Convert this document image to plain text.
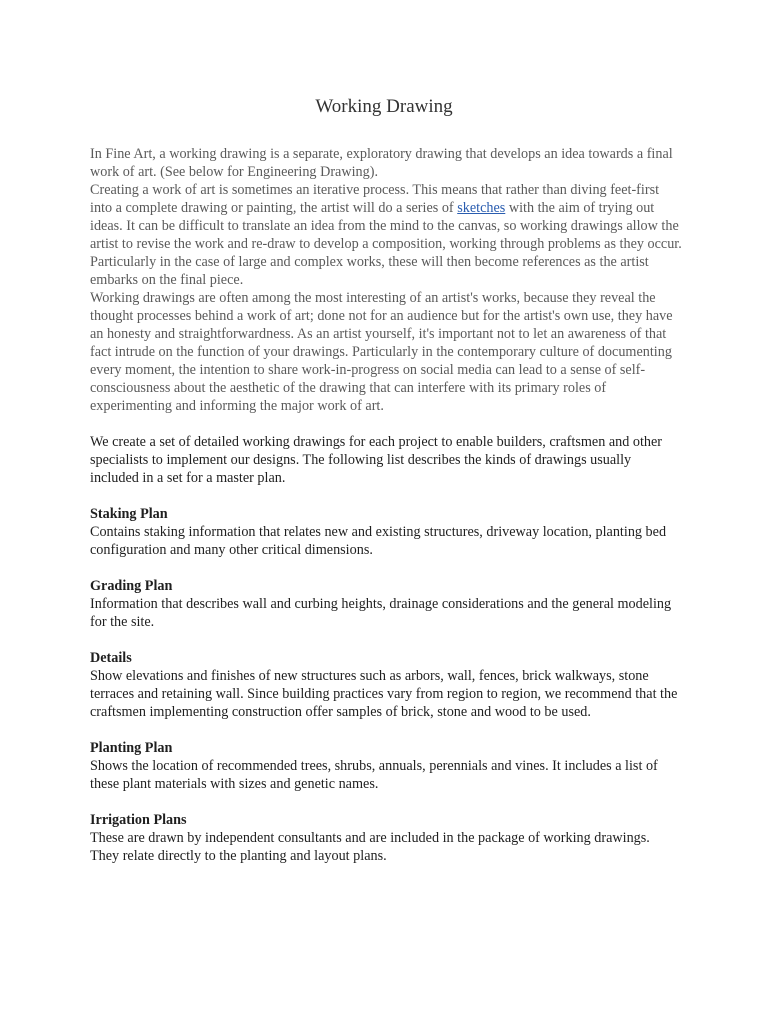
Working Drawing

In Fine Art, a working drawing is a separate, exploratory drawing that develops an idea towards a final work of art. (See below for Engineering Drawing).

Creating a work of art is sometimes an iterative process. This means that rather than diving feet-first into a complete drawing or painting, the artist will do a series of sketches with the aim of trying out ideas. It can be difficult to translate an idea from the mind to the canvas, so working drawings allow the artist to revise the work and re-draw to develop a composition, working through problems as they occur. Particularly in the case of large and complex works, these will then become references as the artist embarks on the final piece.

Working drawings are often among the most interesting of an artist's works, because they reveal the thought processes behind a work of art; done not for an audience but for the artist's own use, they have an honesty and straightforwardness. As an artist yourself, it's important not to let an awareness of that fact intrude on the function of your drawings. Particularly in the contemporary culture of documenting every moment, the intention to share work-in-progress on social media can lead to a sense of self-consciousness about the aesthetic of the drawing that can interfere with its primary roles of experimenting and informing the major work of art.

We create a set of detailed working drawings for each project to enable builders, craftsmen and other specialists to implement our designs. The following list describes the kinds of drawings usually included in a set for a master plan.

Staking Plan

Contains staking information that relates new and existing structures, driveway location, planting bed configuration and many other critical dimensions.

Grading Plan

Information that describes wall and curbing heights, drainage considerations and the general modeling for the site.

Details

Show elevations and finishes of new structures such as arbors, wall, fences, brick walkways, stone terraces and retaining wall. Since building practices vary from region to region, we recommend that the craftsmen implementing construction offer samples of brick, stone and wood to be used.

Planting Plan

Shows the location of recommended trees, shrubs, annuals, perennials and vines. It includes a list of these plant materials with sizes and genetic names.

Irrigation Plans

These are drawn by independent consultants and are included in the package of working drawings. They relate directly to the planting and layout plans.
